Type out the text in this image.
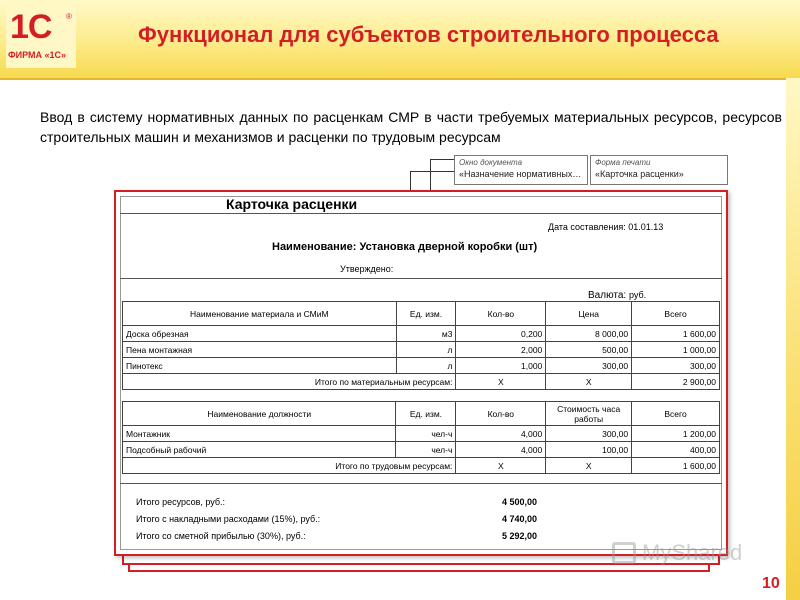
1С ®
ФИРМА «1С»
Функционал для субъектов строительного процесса
Ввод в систему нормативных данных по расценкам СМР в части требуемых материальных ресурсов, ресурсов строительных машин и механизмов и расценки по трудовым ресурсам
Окно документа
«Назначение нормативных…
Форма печати
«Карточка расценки»
Карточка расценки
Дата составления: 01.01.13
Наименование: Установка дверной коробки (шт)
Утверждено:
Валюта: руб.
Наименование материала и СМиМ	Ед. изм.	Кол-во	Цена	Всего
Доска обрезная	м3	0,200	8 000,00	1 600,00
Пена монтажная	л	2,000	500,00	1 000,00
Пинотекс	л	1,000	300,00	300,00
Итого по материальным ресурсам:		Х	Х	2 900,00
Наименование должности	Ед. изм.	Кол-во	Стоимость часа работы	Всего
Монтажник	чел-ч	4,000	300,00	1 200,00
Подсобный рабочий	чел-ч	4,000	100,00	400,00
Итого по трудовым ресурсам:		Х	Х	1 600,00
Итого ресурсов, руб.:	4 500,00
Итого с накладными расходами (15%), руб.:	4 740,00
Итого со сметной прибылью (30%), руб.:	5 292,00
MyShared
10
